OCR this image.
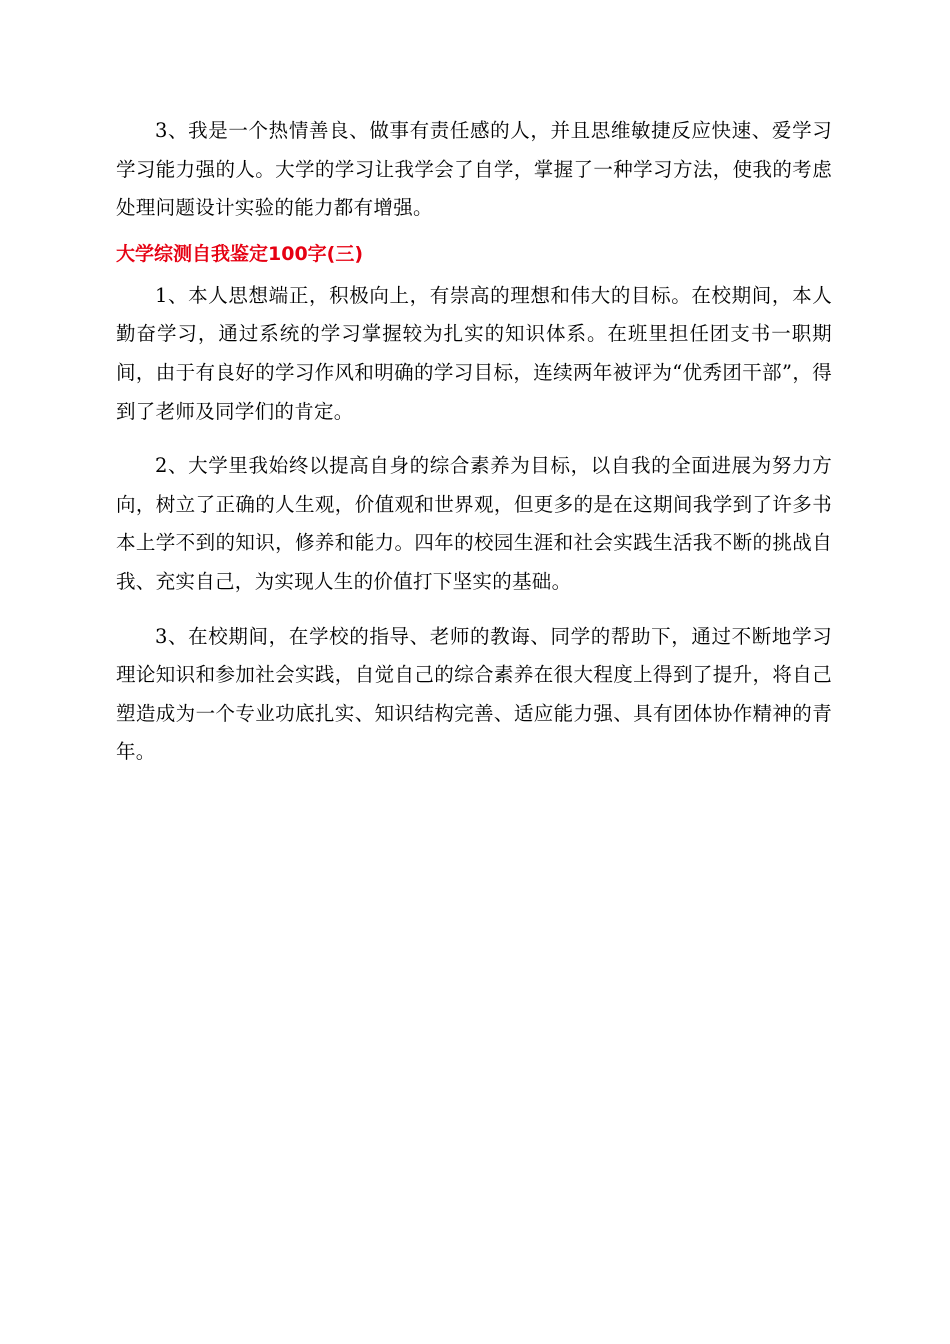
3、我是一个热情善良、做事有责任感的人，并且思维敏捷反应快速、爱学习学习能力强的人。大学的学习让我学会了自学，掌握了一种学习方法，使我的考虑处理问题设计实验的能力都有增强。

大学综测自我鉴定100字(三)

1、本人思想端正，积极向上，有崇高的理想和伟大的目标。在校期间，本人勤奋学习，通过系统的学习掌握较为扎实的知识体系。在班里担任团支书一职期间，由于有良好的学习作风和明确的学习目标，连续两年被评为“优秀团干部”，得到了老师及同学们的肯定。

2、大学里我始终以提高自身的综合素养为目标，以自我的全面进展为努力方向，树立了正确的人生观，价值观和世界观，但更多的是在这期间我学到了许多书本上学不到的知识，修养和能力。四年的校园生涯和社会实践生活我不断的挑战自我、充实自己，为实现人生的价值打下坚实的基础。

3、在校期间，在学校的指导、老师的教诲、同学的帮助下，通过不断地学习理论知识和参加社会实践，自觉自己的综合素养在很大程度上得到了提升，将自己塑造成为一个专业功底扎实、知识结构完善、适应能力强、具有团体协作精神的青年。
